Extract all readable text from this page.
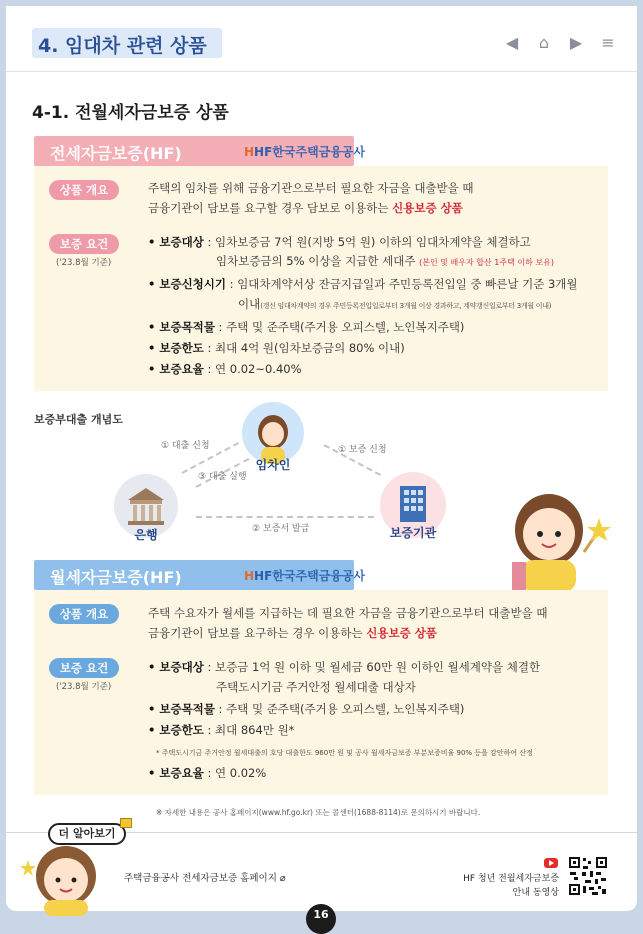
4. 임대차 관련 상품	◀ ⌂ ▶ ≡
4-1. 전월세자금보증 상품
전세자금보증(HF)	HHF한국주택금융공사
상품 개요	주택의 임차를 위해 금융기관으로부터 필요한 자금을 대출받을 때
금융기관이 담보를 요구할 경우 담보로 이용하는 신용보증 상품
보증 요건
('23.8월 기준)
• 보증대상 : 임차보증금 7억 원(지방 5억 원) 이하의 임대차계약을 체결하고
임차보증금의 5% 이상을 지급한 세대주 (본인 및 배우자 합산 1주택 이하 보유)
• 보증신청시기 : 임대차계약서상 잔금지급일과 주민등록전입일 중 빠른날 기준 3개월
이내(갱신 임대차계약의 경우 주민등록전입일로부터 3개월 이상 경과하고, 계약갱신일로부터 3개월 이내)
• 보증목적물 : 주택 및 준주택(주거용 오피스텔, 노인복지주택)
• 보증한도 : 최대 4억 원(임차보증금의 80% 이내)
• 보증요율 : 연 0.02~0.40%
보증부대출 개념도
임차인
은행	보증기관
① 대출 신청
③ 대출 실행
① 보증 신청
② 보증서 발급
월세자금보증(HF)	HHF한국주택금융공사
상품 개요	주택 수요자가 월세를 지급하는 데 필요한 자금을 금융기관으로부터 대출받을 때
금융기관이 담보를 요구하는 경우 이용하는 신용보증 상품
보증 요건
('23.8월 기준)
• 보증대상 : 보증금 1억 원 이하 및 월세금 60만 원 이하인 월세계약을 체결한
주택도시기금 주거안정 월세대출 대상자
• 보증목적물 : 주택 및 준주택(주거용 오피스텔, 노인복지주택)
• 보증한도 : 최대 864만 원*
* 주택도시기금 주거안정 월세대출의 호당 대출한도 960만 원 및 공사 월세자금보증 부분보증비율 90% 등을 감안하여 산정
• 보증요율 : 연 0.02%
※ 자세한 내용은 공사 홈페이지(www.hf.go.kr) 또는 콜센터(1688-8114)로 문의하시기 바랍니다.
더 알아보기
주택금융공사 전세자금보증 홈페이지 ⌀	HF 청년 전월세자금보증
안내 동영상
16
